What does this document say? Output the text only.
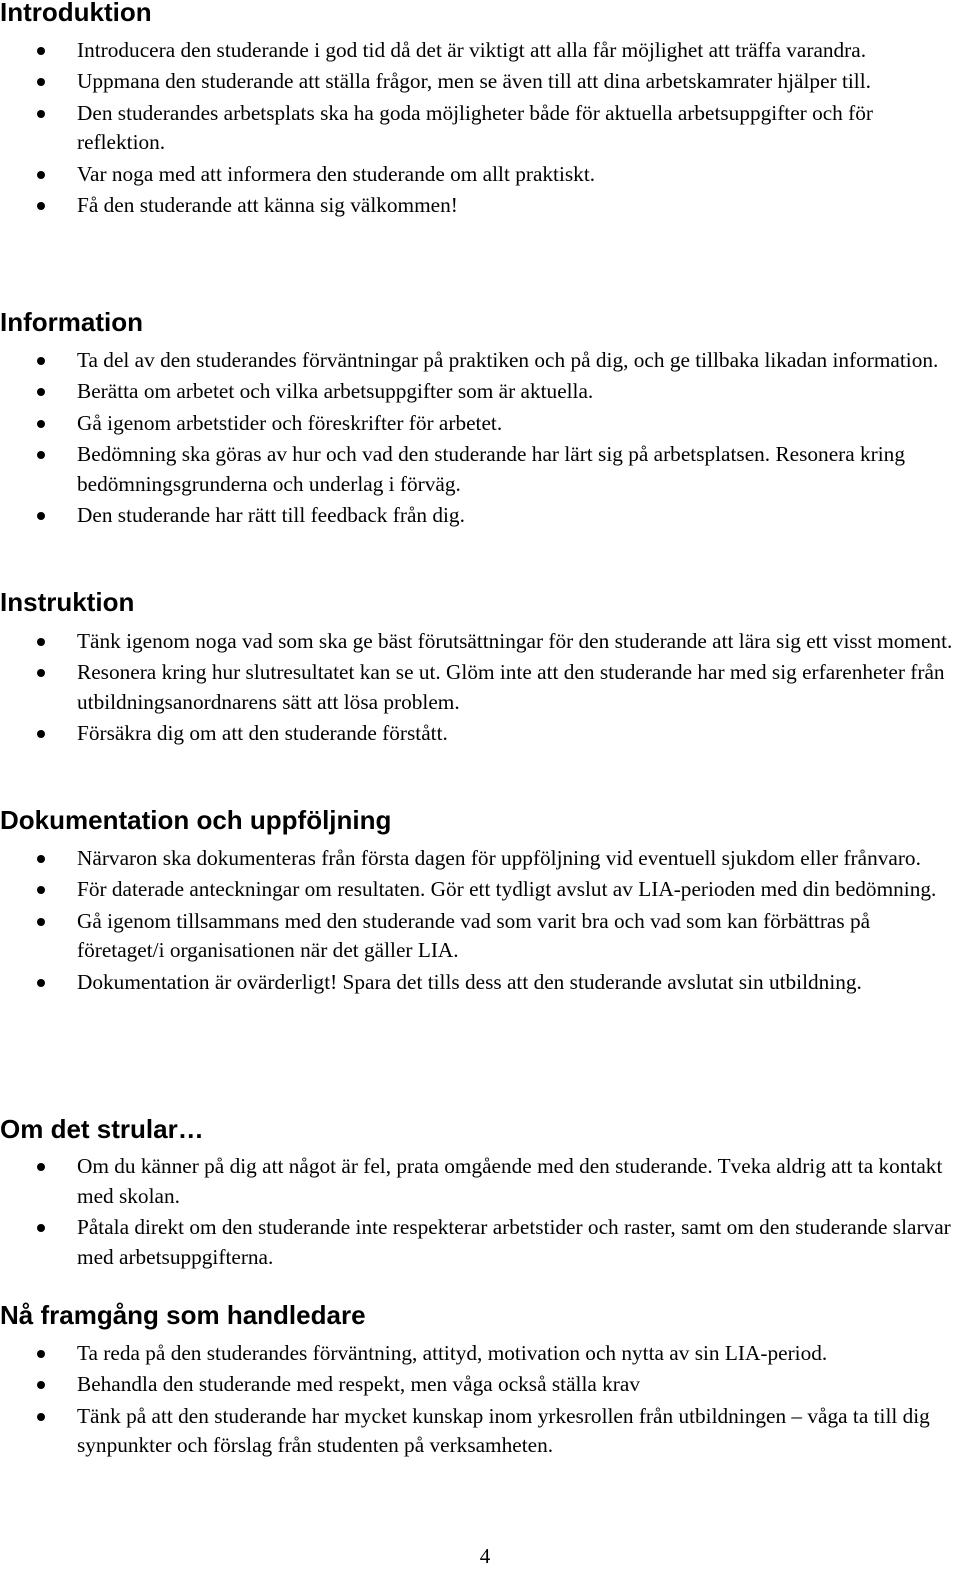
Introduktion
Introducera den studerande i god tid då det är viktigt att alla får möjlighet att träffa varandra.
Uppmana den studerande att ställa frågor, men se även till att dina arbetskamrater hjälper till.
Den studerandes arbetsplats ska ha goda möjligheter både för aktuella arbetsuppgifter och för reflektion.
Var noga med att informera den studerande om allt praktiskt.
Få den studerande att känna sig välkommen!
Information
Ta del av den studerandes förväntningar på praktiken och på dig, och ge tillbaka likadan information.
Berätta om arbetet och vilka arbetsuppgifter som är aktuella.
Gå igenom arbetstider och föreskrifter för arbetet.
Bedömning ska göras av hur och vad den studerande har lärt sig på arbetsplatsen. Resonera kring bedömningsgrunderna och underlag i förväg.
Den studerande har rätt till feedback från dig.
Instruktion
Tänk igenom noga vad som ska ge bäst förutsättningar för den studerande att lära sig ett visst moment.
Resonera kring hur slutresultatet kan se ut. Glöm inte att den studerande har med sig erfarenheter från utbildningsanordnarens sätt att lösa problem.
Försäkra dig om att den studerande förstått.
Dokumentation och uppföljning
Närvaron ska dokumenteras från första dagen för uppföljning vid eventuell sjukdom eller frånvaro.
För daterade anteckningar om resultaten. Gör ett tydligt avslut av LIA-perioden med din bedömning.
Gå igenom tillsammans med den studerande vad som varit bra och vad som kan förbättras på företaget/i organisationen när det gäller LIA.
Dokumentation är ovärderligt! Spara det tills dess att den studerande avslutat sin utbildning.
Om det strular…
Om du känner på dig att något är fel, prata omgående med den studerande. Tveka aldrig att ta kontakt med skolan.
Påtala direkt om den studerande inte respekterar arbetstider och raster, samt om den studerande slarvar med arbetsuppgifterna.
Nå framgång som handledare
Ta reda på den studerandes förväntning, attityd, motivation och nytta av sin LIA-period.
Behandla den studerande med respekt, men våga också ställa krav
Tänk på att den studerande har mycket kunskap inom yrkesrollen från utbildningen – våga ta till dig synpunkter och förslag från studenten på verksamheten.
4
